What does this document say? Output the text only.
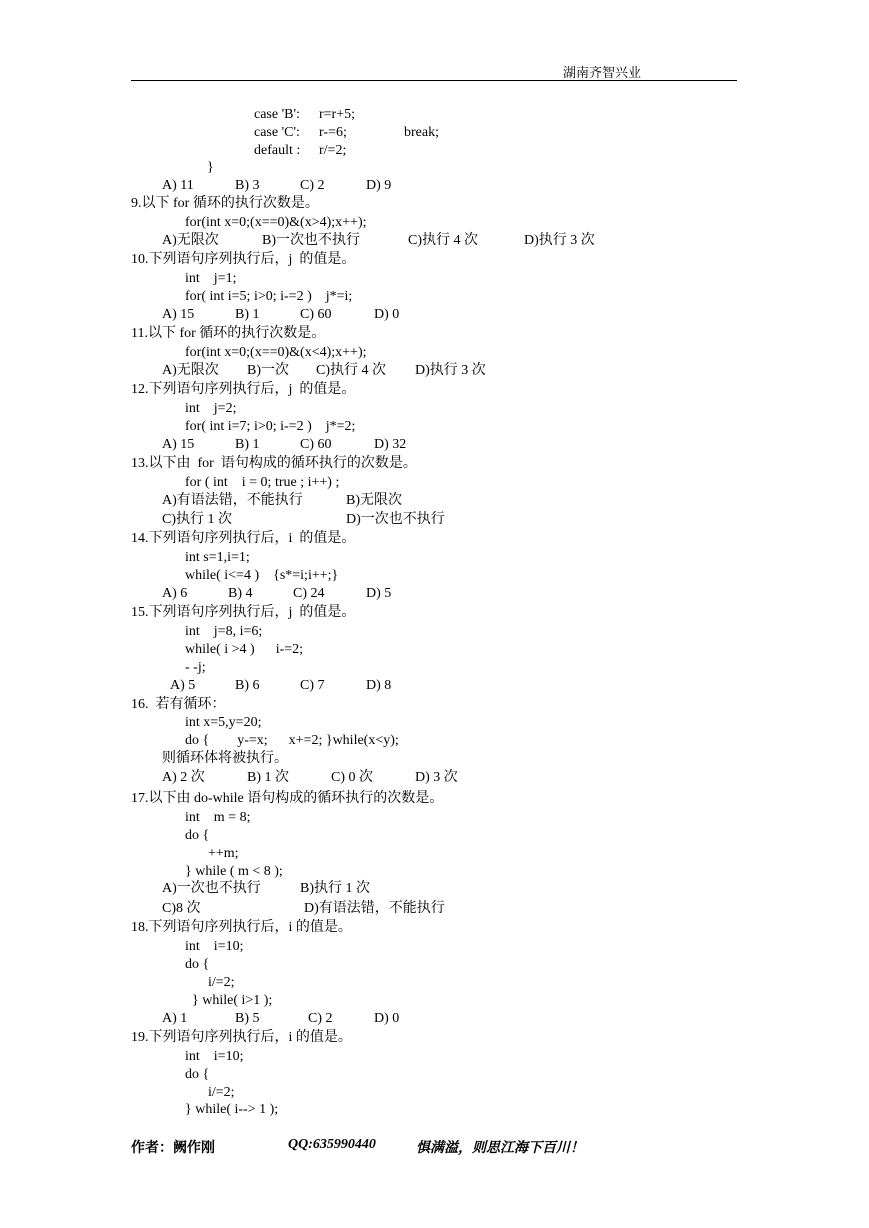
湖南齐智兴业
case 'B': r=r+5;
case 'C': r-=6;	break;
default : r/=2;
}
A) 11	B) 3	C) 2	D) 9
9.以下 for 循环的执行次数是。
for(int x=0;(x==0)&(x>4);x++);
A)无限次	B)一次也不执行	C)执行 4 次	D)执行 3 次
10.下列语句序列执行后，j  的值是。
int    j=1;
for( int i=5; i>0; i-=2 )    j*=i;
A) 15	B) 1	C) 60	D) 0
11.以下 for 循环的执行次数是。
for(int x=0;(x==0)&(x<4);x++);
A)无限次 B)一次 C)执行 4 次 D)执行 3 次
12.下列语句序列执行后，j  的值是。
int    j=2;
for( int i=7; i>0; i-=2 )    j*=2;
A) 15	B) 1	C) 60	D) 32
13.以下由  for  语句构成的循环执行的次数是。
for ( int    i = 0; true ; i++) ;
A)有语法错，不能执行	B)无限次
C)执行 1 次	D)一次也不执行
14.下列语句序列执行后，i  的值是。
int s=1,i=1;
while( i<=4 )    {s*=i;i++;}
A) 6	B) 4	C) 24	D) 5
15.下列语句序列执行后，j  的值是。
int    j=8, i=6;
while( i >4 )      i-=2;
- -j;
A) 5	B) 6	C) 7	D) 8
16.  若有循环：
int x=5,y=20;
do {        y-=x;      x+=2; }while(x<y);
则循环体将被执行。
A) 2 次	B) 1 次	C) 0 次	D) 3 次
17.以下由 do-while 语句构成的循环执行的次数是。
int    m = 8;
do {
++m;
} while ( m < 8 );
A)一次也不执行	B)执行 1 次
C)8 次	D)有语法错，不能执行
18.下列语句序列执行后，i 的值是。
int    i=10;
do {
i/=2;
} while( i>1 );
A) 1	B) 5	C) 2	D) 0
19.下列语句序列执行后，i 的值是。
int    i=10;
do {
i/=2;
} while( i--> 1 );
作者：阙作刚	QQ:635990440	惧满溢，则思江海下百川！
